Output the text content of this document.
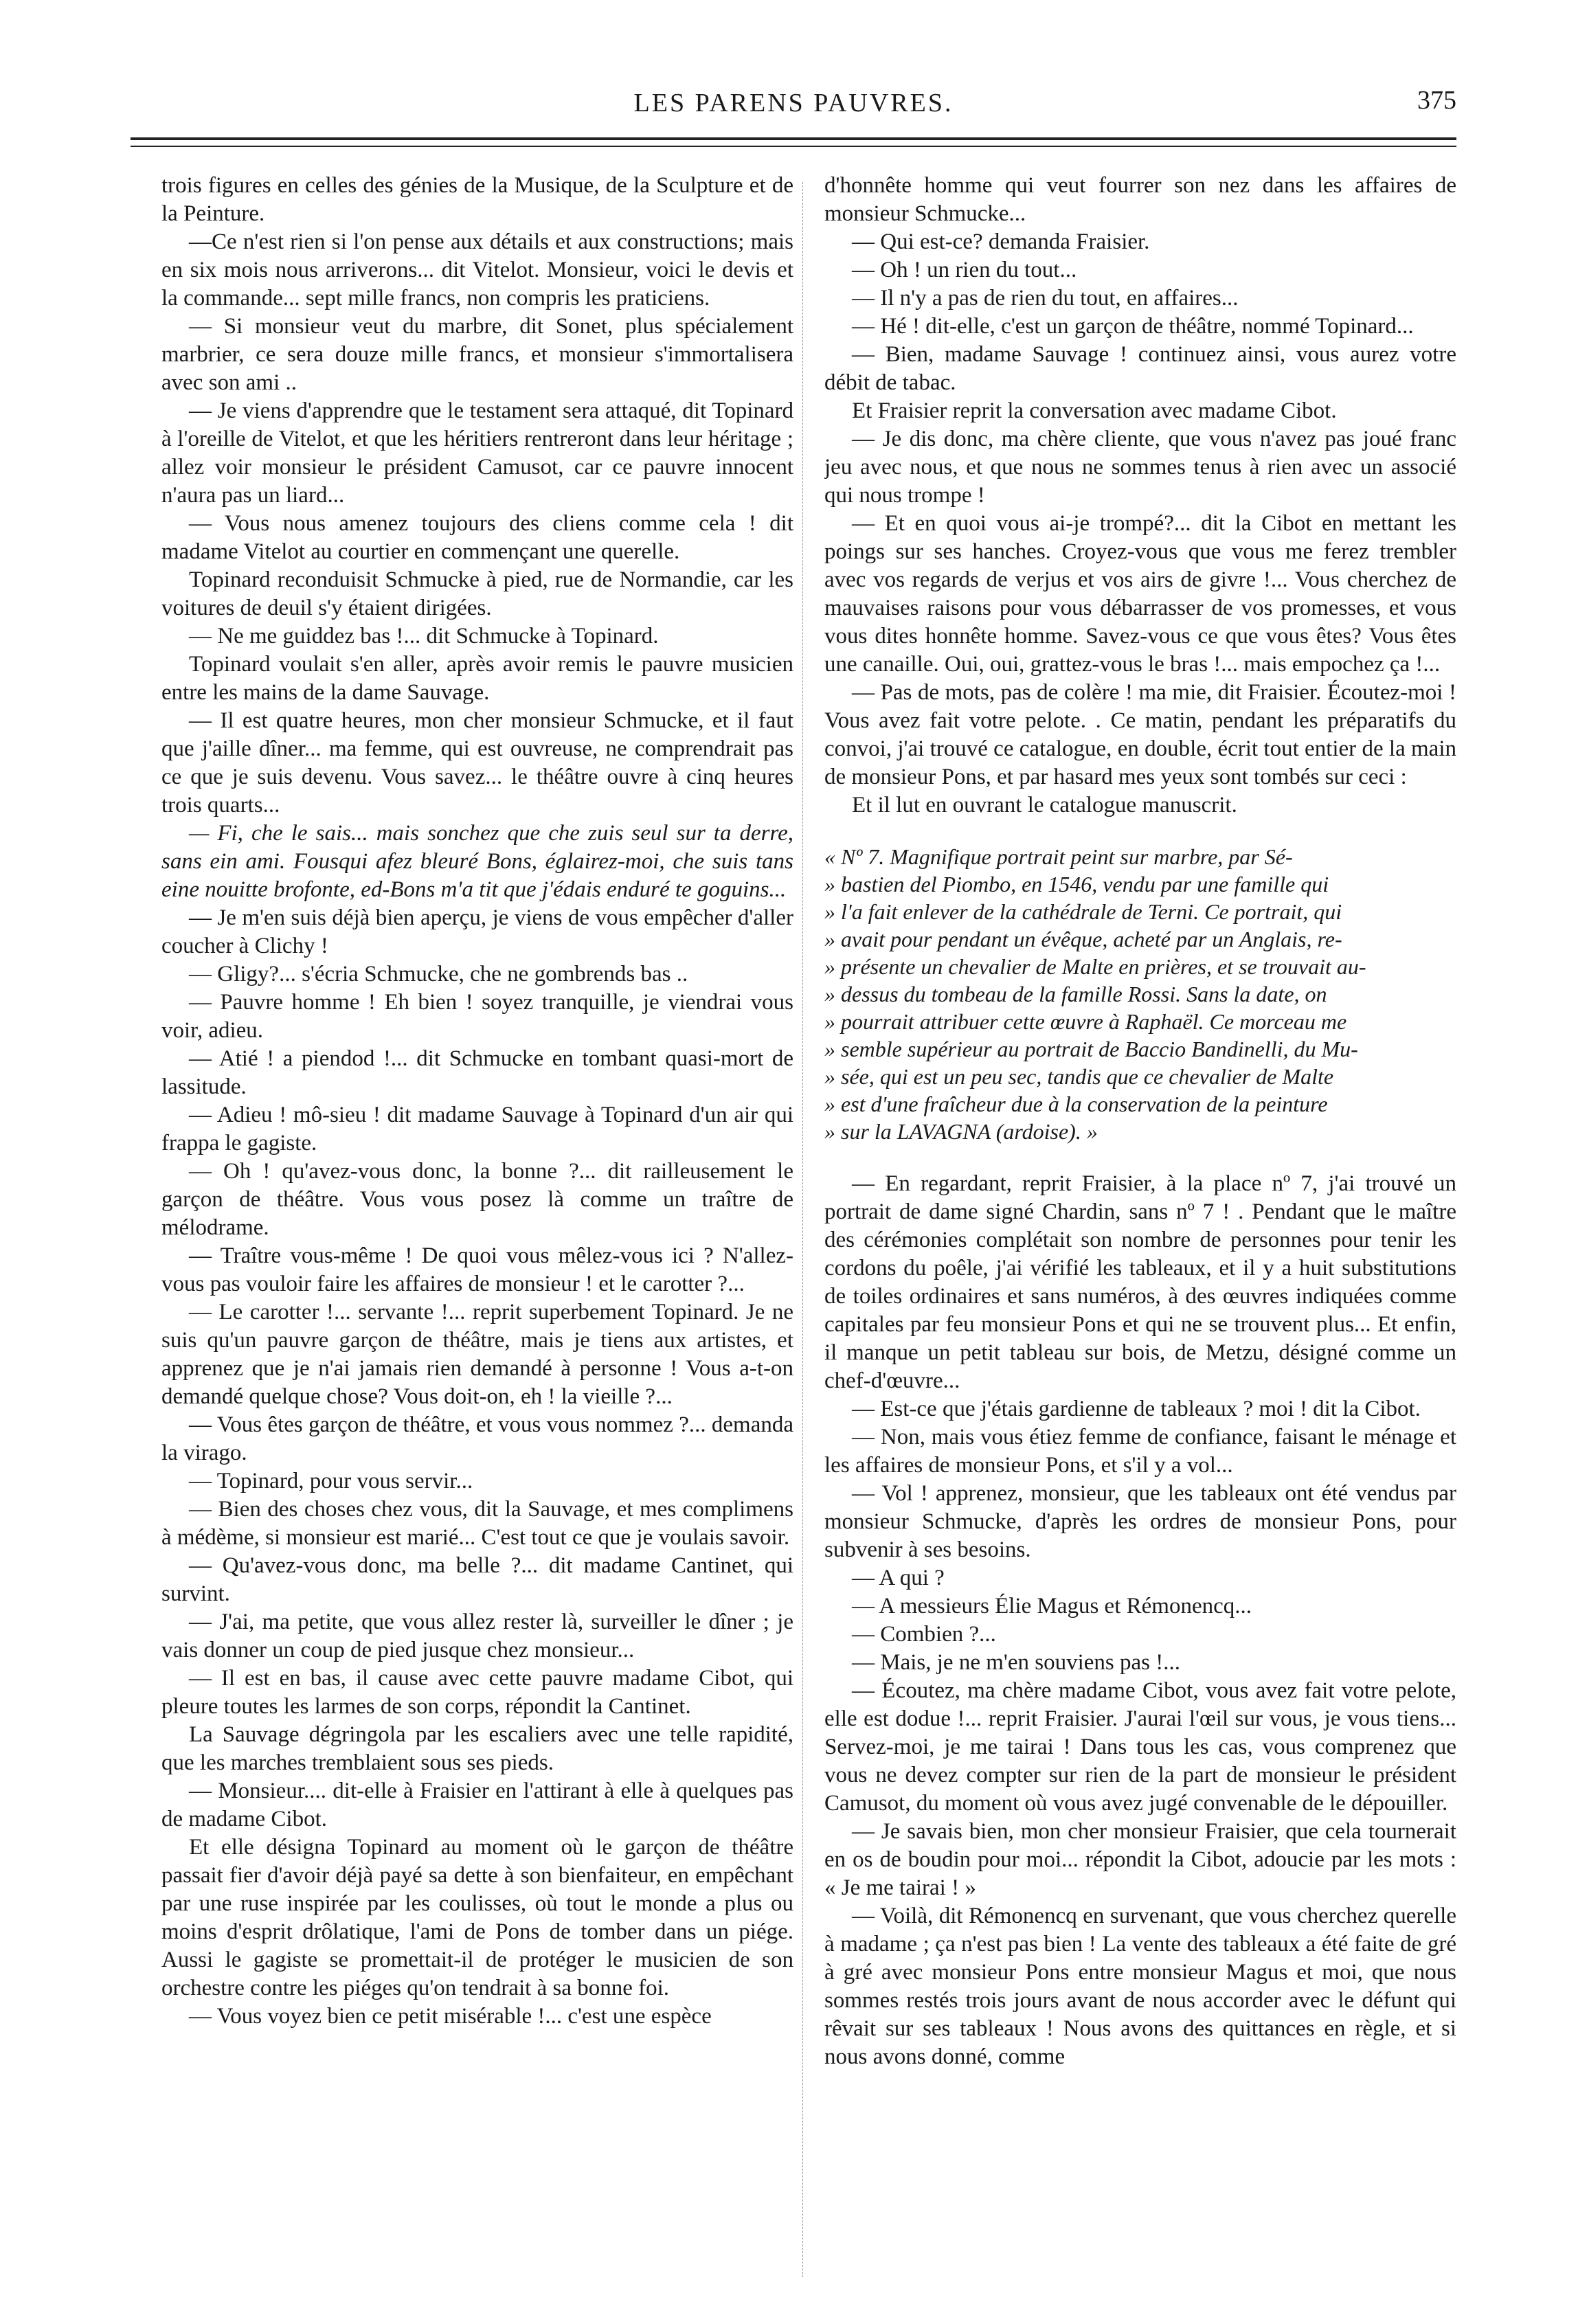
LES PARENS PAUVRES.	375

trois figures en celles des génies de la Musique, de la Sculpture et de la Peinture.

—Ce n'est rien si l'on pense aux détails et aux constructions; mais en six mois nous arriverons... dit Vitelot. Monsieur, voici le devis et la commande... sept mille francs, non compris les praticiens.

— Si monsieur veut du marbre, dit Sonet, plus spécialement marbrier, ce sera douze mille francs, et monsieur s'immortalisera avec son ami ..

— Je viens d'apprendre que le testament sera attaqué, dit Topinard à l'oreille de Vitelot, et que les héritiers rentreront dans leur héritage ; allez voir monsieur le président Camusot, car ce pauvre innocent n'aura pas un liard...

— Vous nous amenez toujours des cliens comme cela ! dit madame Vitelot au courtier en commençant une querelle.

Topinard reconduisit Schmucke à pied, rue de Normandie, car les voitures de deuil s'y étaient dirigées.

— Ne me guiddez bas !... dit Schmucke à Topinard.

Topinard voulait s'en aller, après avoir remis le pauvre musicien entre les mains de la dame Sauvage.

— Il est quatre heures, mon cher monsieur Schmucke, et il faut que j'aille dîner... ma femme, qui est ouvreuse, ne comprendrait pas ce que je suis devenu. Vous savez... le théâtre ouvre à cinq heures trois quarts...

— Fi, che le sais... mais sonchez que che zuis seul sur ta derre, sans ein ami. Fousqui afez bleuré Bons, églairez-moi, che suis tans eine nouitte brofonte, ed-Bons m'a tit que j'édais enduré te goguins...

— Je m'en suis déjà bien aperçu, je viens de vous empêcher d'aller coucher à Clichy !

— Gligy?... s'écria Schmucke, che ne gombrends bas ..

— Pauvre homme ! Eh bien ! soyez tranquille, je viendrai vous voir, adieu.

— Atié ! a piendod !... dit Schmucke en tombant quasi-mort de lassitude.

— Adieu ! mô-sieu ! dit madame Sauvage à Topinard d'un air qui frappa le gagiste.

— Oh ! qu'avez-vous donc, la bonne ?... dit railleusement le garçon de théâtre. Vous vous posez là comme un traître de mélodrame.

— Traître vous-même ! De quoi vous mêlez-vous ici ? N'allez-vous pas vouloir faire les affaires de monsieur ! et le carotter ?...

— Le carotter !... servante !... reprit superbement Topinard. Je ne suis qu'un pauvre garçon de théâtre, mais je tiens aux artistes, et apprenez que je n'ai jamais rien demandé à personne ! Vous a-t-on demandé quelque chose? Vous doit-on, eh ! la vieille ?...

— Vous êtes garçon de théâtre, et vous vous nommez ?... demanda la virago.

— Topinard, pour vous servir...

— Bien des choses chez vous, dit la Sauvage, et mes complimens à médème, si monsieur est marié... C'est tout ce que je voulais savoir.

— Qu'avez-vous donc, ma belle ?... dit madame Cantinet, qui survint.

— J'ai, ma petite, que vous allez rester là, surveiller le dîner ; je vais donner un coup de pied jusque chez monsieur...

— Il est en bas, il cause avec cette pauvre madame Cibot, qui pleure toutes les larmes de son corps, répondit la Cantinet.

La Sauvage dégringola par les escaliers avec une telle rapidité, que les marches tremblaient sous ses pieds.

— Monsieur.... dit-elle à Fraisier en l'attirant à elle à quelques pas de madame Cibot.

Et elle désigna Topinard au moment où le garçon de théâtre passait fier d'avoir déjà payé sa dette à son bienfaiteur, en empêchant par une ruse inspirée par les coulisses, où tout le monde a plus ou moins d'esprit drôlatique, l'ami de Pons de tomber dans un piége. Aussi le gagiste se promettait-il de protéger le musicien de son orchestre contre les piéges qu'on tendrait à sa bonne foi.

— Vous voyez bien ce petit misérable !... c'est une espèce

d'honnête homme qui veut fourrer son nez dans les affaires de monsieur Schmucke...

— Qui est-ce? demanda Fraisier.

— Oh ! un rien du tout...

— Il n'y a pas de rien du tout, en affaires...

— Hé ! dit-elle, c'est un garçon de théâtre, nommé Topinard...

— Bien, madame Sauvage ! continuez ainsi, vous aurez votre débit de tabac.

Et Fraisier reprit la conversation avec madame Cibot.

— Je dis donc, ma chère cliente, que vous n'avez pas joué franc jeu avec nous, et que nous ne sommes tenus à rien avec un associé qui nous trompe !

— Et en quoi vous ai-je trompé?... dit la Cibot en mettant les poings sur ses hanches. Croyez-vous que vous me ferez trembler avec vos regards de verjus et vos airs de givre !... Vous cherchez de mauvaises raisons pour vous débarrasser de vos promesses, et vous vous dites honnête homme. Savez-vous ce que vous êtes? Vous êtes une canaille. Oui, oui, grattez-vous le bras !... mais empochez ça !...

— Pas de mots, pas de colère ! ma mie, dit Fraisier. Écoutez-moi ! Vous avez fait votre pelote. . Ce matin, pendant les préparatifs du convoi, j'ai trouvé ce catalogue, en double, écrit tout entier de la main de monsieur Pons, et par hasard mes yeux sont tombés sur ceci :

Et il lut en ouvrant le catalogue manuscrit.

« Nº 7. Magnifique portrait peint sur marbre, par Sé-
» bastien del Piombo, en 1546, vendu par une famille qui
» l'a fait enlever de la cathédrale de Terni. Ce portrait, qui
» avait pour pendant un évêque, acheté par un Anglais, re-
» présente un chevalier de Malte en prières, et se trouvait au-
» dessus du tombeau de la famille Rossi. Sans la date, on
» pourrait attribuer cette œuvre à Raphaël. Ce morceau me
» semble supérieur au portrait de Baccio Bandinelli, du Mu-
» sée, qui est un peu sec, tandis que ce chevalier de Malte
» est d'une fraîcheur due à la conservation de la peinture
» sur la LAVAGNA (ardoise). »

— En regardant, reprit Fraisier, à la place nº 7, j'ai trouvé un portrait de dame signé Chardin, sans nº 7 ! . Pendant que le maître des cérémonies complétait son nombre de personnes pour tenir les cordons du poêle, j'ai vérifié les tableaux, et il y a huit substitutions de toiles ordinaires et sans numéros, à des œuvres indiquées comme capitales par feu monsieur Pons et qui ne se trouvent plus... Et enfin, il manque un petit tableau sur bois, de Metzu, désigné comme un chef-d'œuvre...

— Est-ce que j'étais gardienne de tableaux ? moi ! dit la Cibot.

— Non, mais vous étiez femme de confiance, faisant le ménage et les affaires de monsieur Pons, et s'il y a vol...

— Vol ! apprenez, monsieur, que les tableaux ont été vendus par monsieur Schmucke, d'après les ordres de monsieur Pons, pour subvenir à ses besoins.

— A qui ?

— A messieurs Élie Magus et Rémonencq...

— Combien ?...

— Mais, je ne m'en souviens pas !...

— Écoutez, ma chère madame Cibot, vous avez fait votre pelote, elle est dodue !... reprit Fraisier. J'aurai l'œil sur vous, je vous tiens... Servez-moi, je me tairai ! Dans tous les cas, vous comprenez que vous ne devez compter sur rien de la part de monsieur le président Camusot, du moment où vous avez jugé convenable de le dépouiller.

— Je savais bien, mon cher monsieur Fraisier, que cela tournerait en os de boudin pour moi... répondit la Cibot, adoucie par les mots : « Je me tairai ! »

— Voilà, dit Rémonencq en survenant, que vous cherchez querelle à madame ; ça n'est pas bien ! La vente des tableaux a été faite de gré à gré avec monsieur Pons entre monsieur Magus et moi, que nous sommes restés trois jours avant de nous accorder avec le défunt qui rêvait sur ses tableaux ! Nous avons des quittances en règle, et si nous avons donné, comme
